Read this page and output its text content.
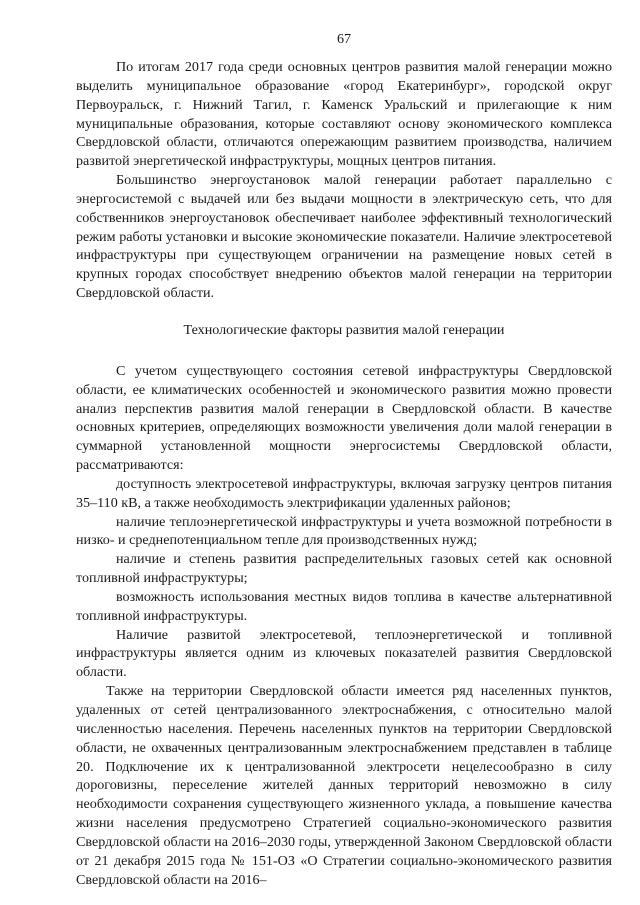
67

По итогам 2017 года среди основных центров развития малой генерации можно выделить муниципальное образование «город Екатеринбург», городской округ Первоуральск, г. Нижний Тагил, г. Каменск Уральский и прилегающие к ним муниципальные образования, которые составляют основу экономического комплекса Свердловской области, отличаются опережающим развитием производства, наличием развитой энергетической инфраструктуры, мощных центров питания.

Большинство энергоустановок малой генерации работает параллельно с энергосистемой с выдачей или без выдачи мощности в электрическую сеть, что для собственников энергоустановок обеспечивает наиболее эффективный технологический режим работы установки и высокие экономические показатели. Наличие электросетевой инфраструктуры при существующем ограничении на размещение новых сетей в крупных городах способствует внедрению объектов малой генерации на территории Свердловской области.

Технологические факторы развития малой генерации

С учетом существующего состояния сетевой инфраструктуры Свердловской области, ее климатических особенностей и экономического развития можно провести анализ перспектив развития малой генерации в Свердловской области. В качестве основных критериев, определяющих возможности увеличения доли малой генерации в суммарной установленной мощности энергосистемы Свердловской области, рассматриваются:

доступность электросетевой инфраструктуры, включая загрузку центров питания 35–110 кВ, а также необходимость электрификации удаленных районов;
наличие теплоэнергетической инфраструктуры и учета возможной потребности в низко- и среднепотенциальном тепле для производственных нужд;
наличие и степень развития распределительных газовых сетей как основной топливной инфраструктуры;
возможность использования местных видов топлива в качестве альтернативной топливной инфраструктуры.

Наличие развитой электросетевой, теплоэнергетической и топливной инфраструктуры является одним из ключевых показателей развития Свердловской области.

Также на территории Свердловской области имеется ряд населенных пунктов, удаленных от сетей централизованного электроснабжения, с относительно малой численностью населения. Перечень населенных пунктов на территории Свердловской области, не охваченных централизованным электроснабжением представлен в таблице 20. Подключение их к централизованной электросети нецелесообразно в силу дороговизны, переселение жителей данных территорий невозможно в силу необходимости сохранения существующего жизненного уклада, а повышение качества жизни населения предусмотрено Стратегией социально-экономического развития Свердловской области на 2016–2030 годы, утвержденной Законом Свердловской области от 21 декабря 2015 года № 151-ОЗ «О Стратегии социально-экономического развития Свердловской области на 2016–
